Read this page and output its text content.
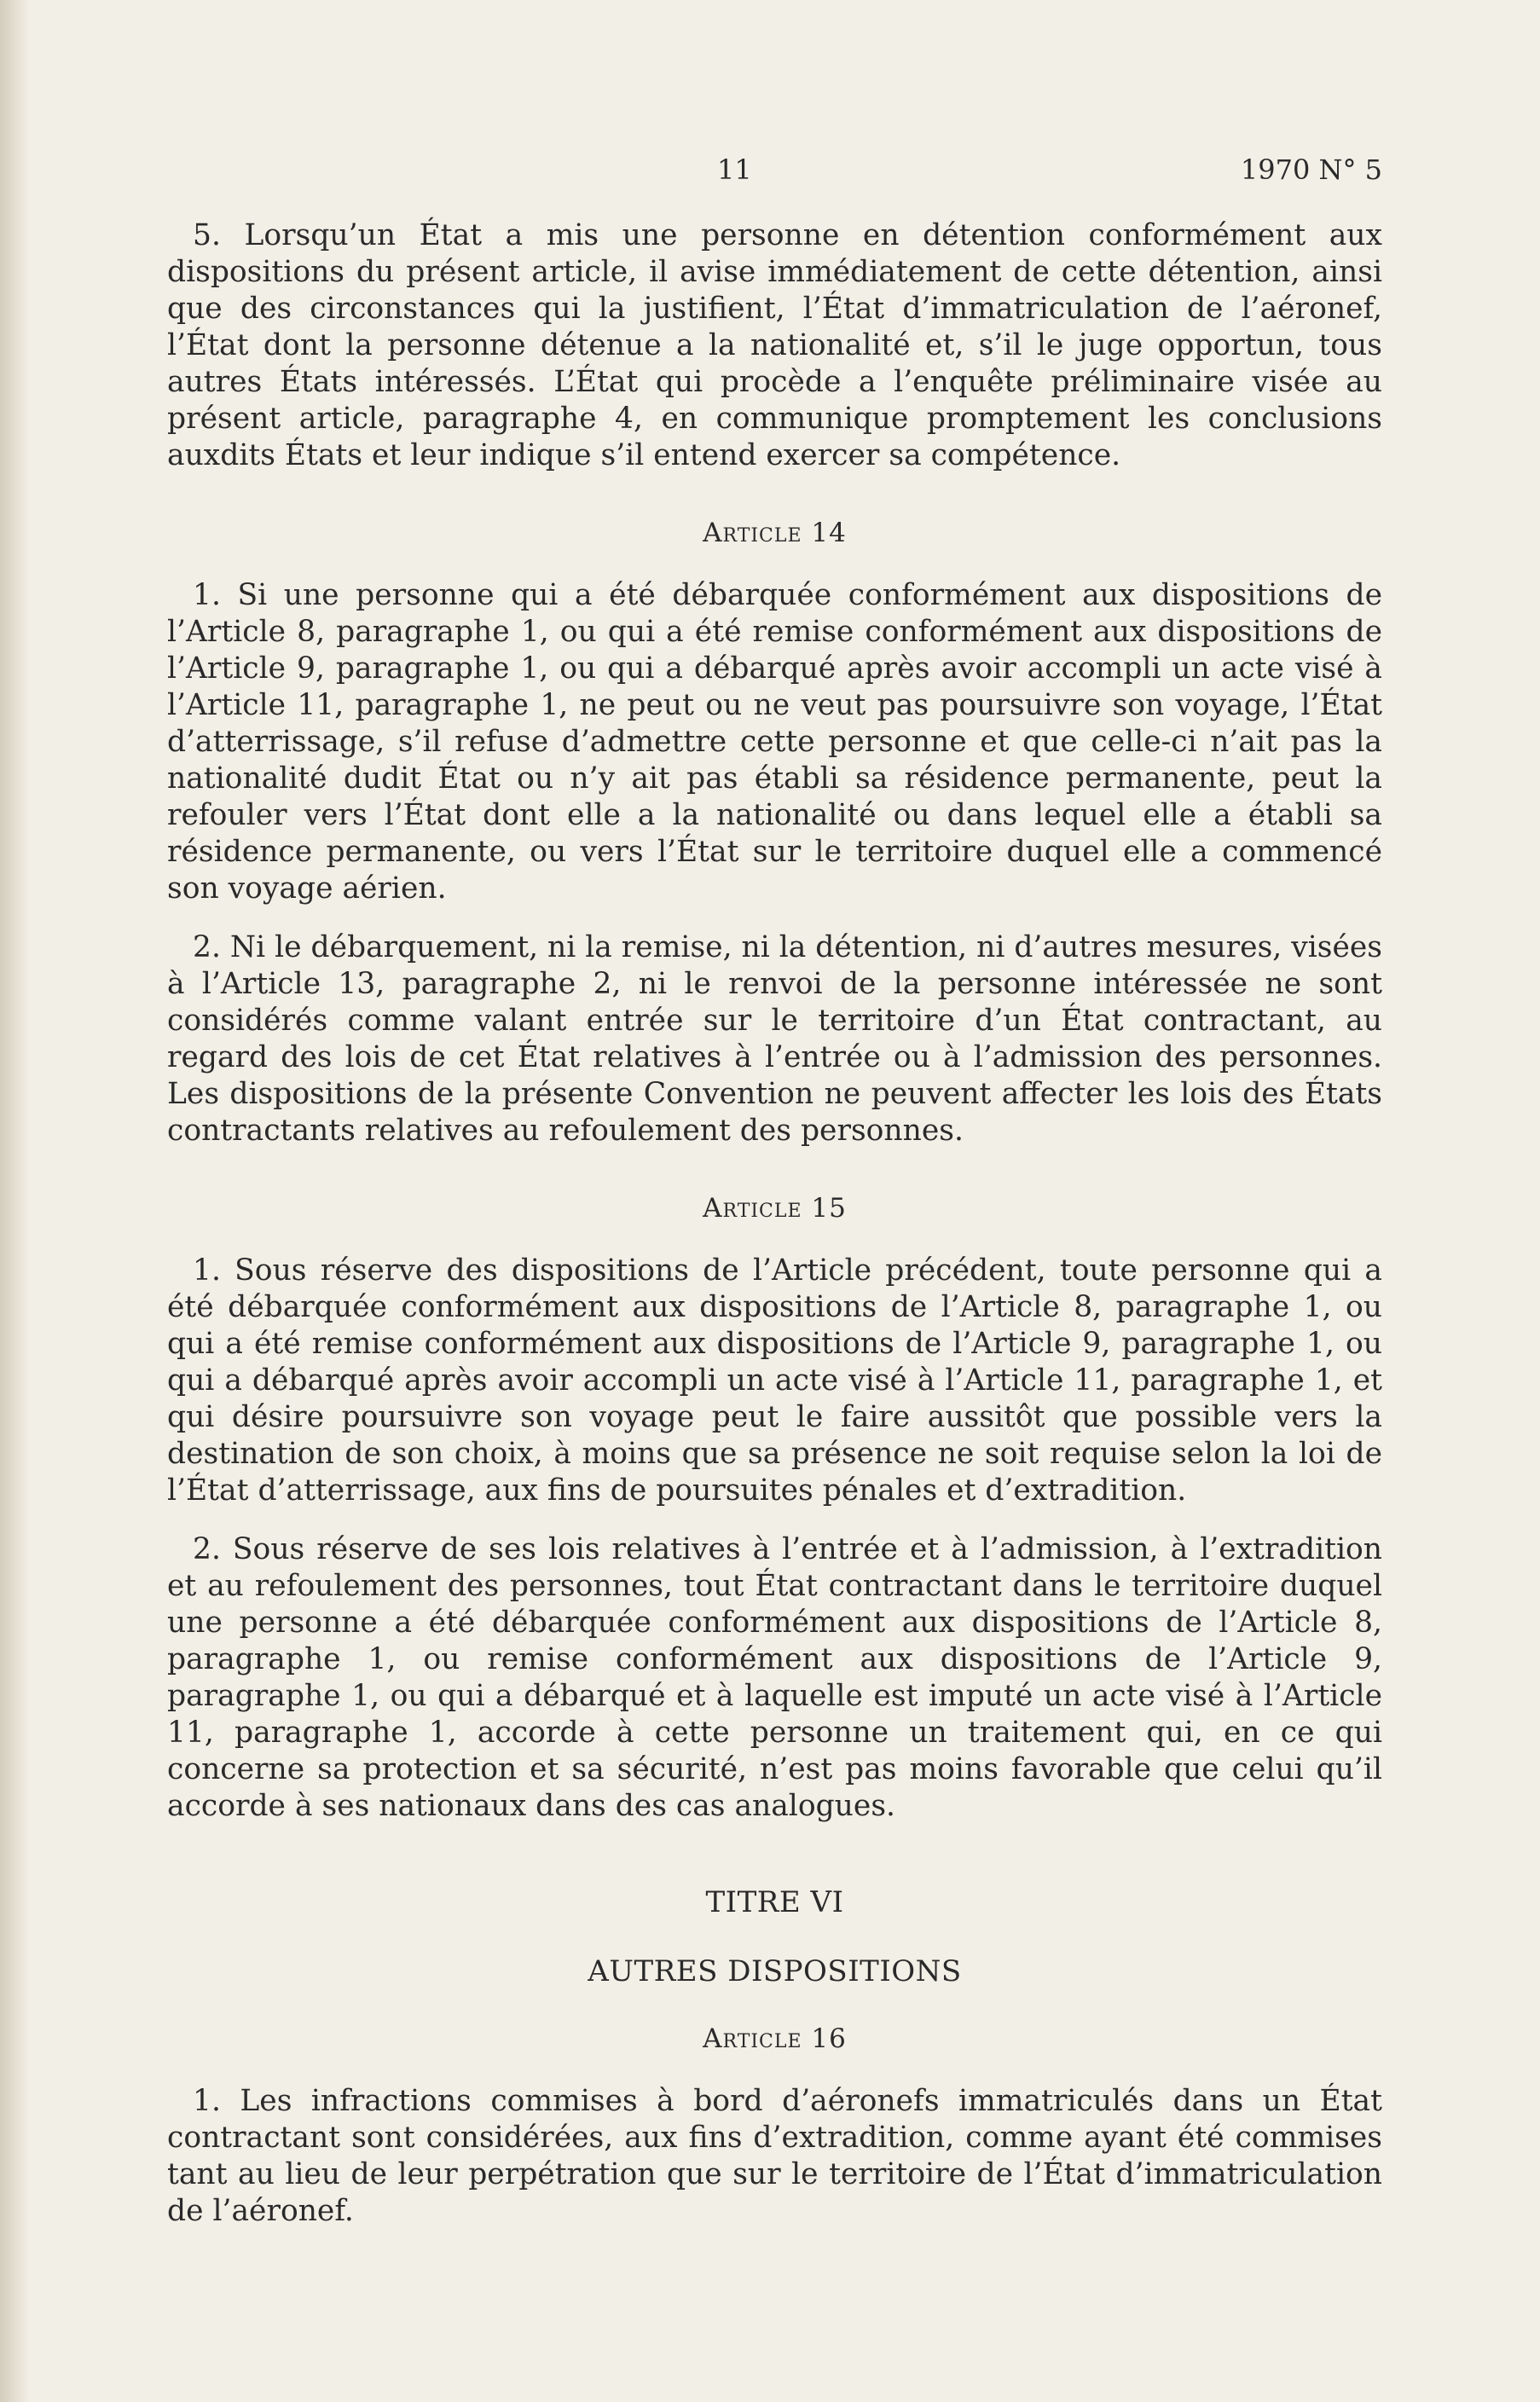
11	1970 N° 5

5. Lorsqu’un État a mis une personne en détention conformément aux dispositions du présent article, il avise immédiatement de cette détention, ainsi que des circonstances qui la justifient, l’État d’immatriculation de l’aéronef, l’État dont la personne détenue a la nationalité et, s’il le juge opportun, tous autres États intéressés. L’État qui procède a l’enquête préliminaire visée au présent article, paragraphe 4, en communique promptement les conclusions auxdits États et leur indique s’il entend exercer sa compétence.

Article 14

1. Si une personne qui a été débarquée conformément aux dispositions de l’Article 8, paragraphe 1, ou qui a été remise conformément aux dispositions de l’Article 9, paragraphe 1, ou qui a débarqué après avoir accompli un acte visé à l’Article 11, paragraphe 1, ne peut ou ne veut pas poursuivre son voyage, l’État d’atterrissage, s’il refuse d’admettre cette personne et que celle-ci n’ait pas la nationalité dudit État ou n’y ait pas établi sa résidence permanente, peut la refouler vers l’État dont elle a la nationalité ou dans lequel elle a établi sa résidence permanente, ou vers l’État sur le territoire duquel elle a commencé son voyage aérien.

2. Ni le débarquement, ni la remise, ni la détention, ni d’autres mesures, visées à l’Article 13, paragraphe 2, ni le renvoi de la personne intéressée ne sont considérés comme valant entrée sur le territoire d’un État contractant, au regard des lois de cet État relatives à l’entrée ou à l’admission des personnes. Les dispositions de la présente Convention ne peuvent affecter les lois des États contractants relatives au refoulement des personnes.

Article 15

1. Sous réserve des dispositions de l’Article précédent, toute personne qui a été débarquée conformément aux dispositions de l’Article 8, paragraphe 1, ou qui a été remise conformément aux dispositions de l’Article 9, paragraphe 1, ou qui a débarqué après avoir accompli un acte visé à l’Article 11, paragraphe 1, et qui désire poursuivre son voyage peut le faire aussitôt que possible vers la destination de son choix, à moins que sa présence ne soit requise selon la loi de l’État d’atterrissage, aux fins de poursuites pénales et d’extradition.

2. Sous réserve de ses lois relatives à l’entrée et à l’admission, à l’extradition et au refoulement des personnes, tout État contractant dans le territoire duquel une personne a été débarquée conformément aux dispositions de l’Article 8, paragraphe 1, ou remise conformément aux dispositions de l’Article 9, paragraphe 1, ou qui a débarqué et à laquelle est imputé un acte visé à l’Article 11, paragraphe 1, accorde à cette personne un traitement qui, en ce qui concerne sa protection et sa sécurité, n’est pas moins favorable que celui qu’il accorde à ses nationaux dans des cas analogues.

TITRE VI
AUTRES DISPOSITIONS
Article 16

1. Les infractions commises à bord d’aéronefs immatriculés dans un État contractant sont considérées, aux fins d’extradition, comme ayant été commises tant au lieu de leur perpétration que sur le territoire de l’État d’immatriculation de l’aéronef.
